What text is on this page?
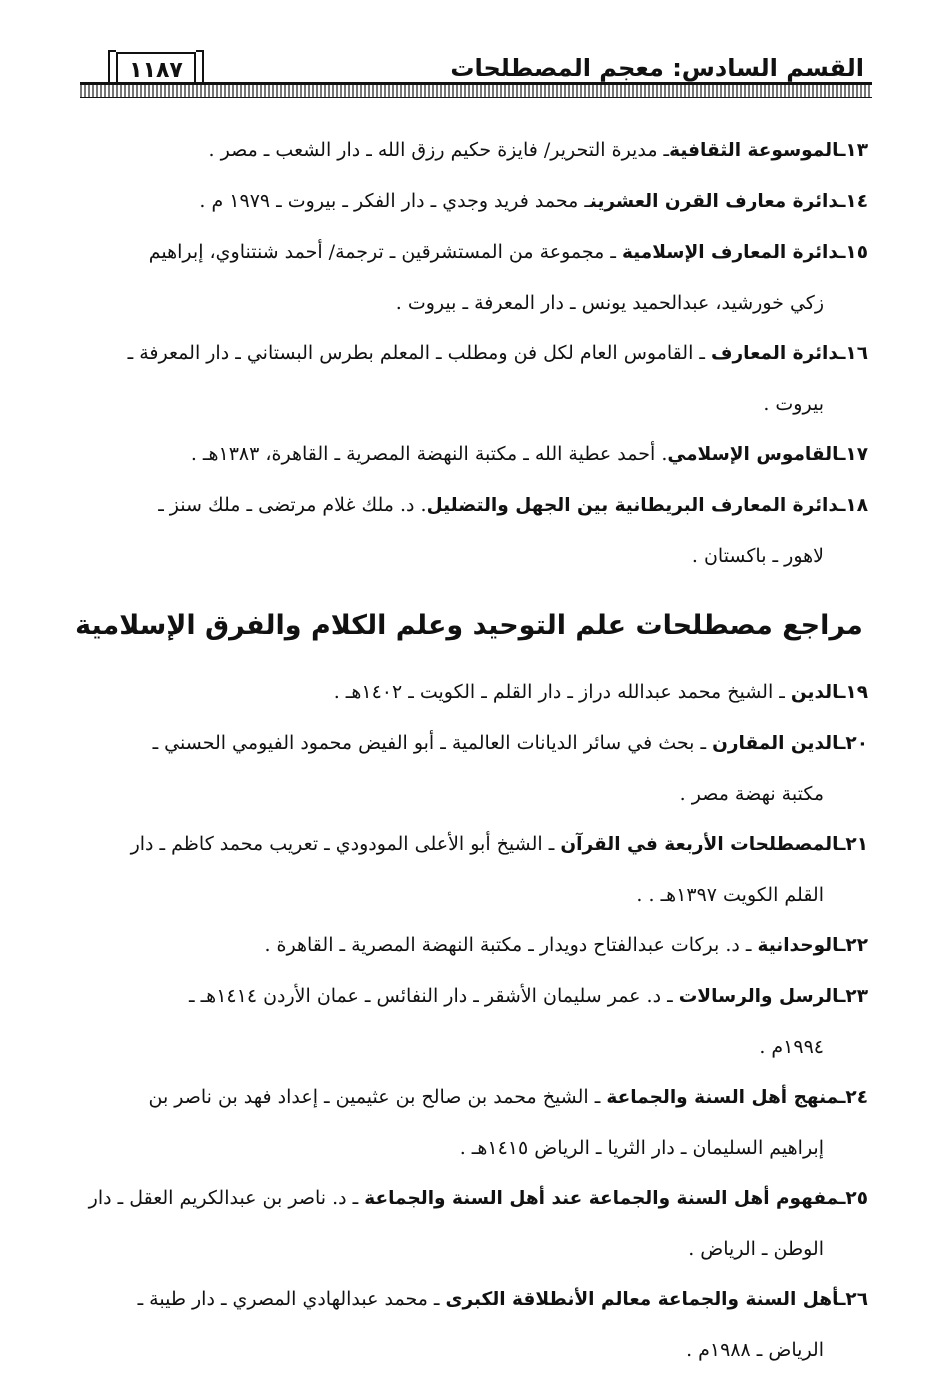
القسم السادس: معجم المصطلحات
١١٨٧

١٣ـالموسوعة الثقافيةـ مديرة التحرير/ فايزة حكيم رزق الله ـ دار الشعب ـ مصر .

١٤ـدائرة معارف القرن العشرينـ محمد فريد وجدي ـ دار الفكر ـ بيروت ـ ١٩٧٩ م .

١٥ـدائرة المعارف الإسلامية ـ مجموعة من المستشرقين ـ ترجمة/ أحمد شنتناوي، إبراهيم
زكي خورشيد، عبدالحميد يونس ـ دار المعرفة ـ بيروت .

١٦ـدائرة المعارف ـ القاموس العام لكل فن ومطلب ـ المعلم بطرس البستاني ـ دار المعرفة ـ
بيروت .

١٧ـالقاموس الإسلامي. أحمد عطية الله ـ مكتبة النهضة المصرية ـ القاهرة، ١٣٨٣هـ .

١٨ـدائرة المعارف البريطانية بين الجهل والتضليل. د. ملك غلام مرتضى ـ ملك سنز ـ
لاهور ـ باكستان .

مراجع مصطلحات علم التوحيد وعلم الكلام والفرق الإسلامية

١٩ـالدين ـ الشيخ محمد عبدالله دراز ـ دار القلم ـ الكويت ـ ١٤٠٢هـ .

٢٠ـالدين المقارن ـ بحث في سائر الديانات العالمية ـ أبو الفيض محمود الفيومي الحسني ـ
مكتبة نهضة مصر .

٢١ـالمصطلحات الأربعة في القرآن ـ الشيخ أبو الأعلى المودودي ـ تعريب محمد كاظم ـ دار
القلم الكويت ١٣٩٧هـ . .

٢٢ـالوحدانية ـ د. بركات عبدالفتاح دويدار ـ مكتبة النهضة المصرية ـ القاهرة .

٢٣ـالرسل والرسالات ـ د. عمر سليمان الأشقر ـ دار النفائس ـ عمان الأردن ١٤١٤هـ ـ
١٩٩٤م .

٢٤ـمنهج أهل السنة والجماعة ـ الشيخ محمد بن صالح بن عثيمين ـ إعداد فهد بن ناصر بن
إبراهيم السليمان ـ دار الثريا ـ الرياض ١٤١٥هـ .

٢٥ـمفهوم أهل السنة والجماعة عند أهل السنة والجماعة ـ د. ناصر بن عبدالكريم العقل ـ دار
الوطن ـ الرياض .

٢٦ـأهل السنة والجماعة معالم الأنطلاقة الكبرى ـ محمد عبدالهادي المصري ـ دار طيبة ـ
الرياض ـ ١٩٨٨م .
